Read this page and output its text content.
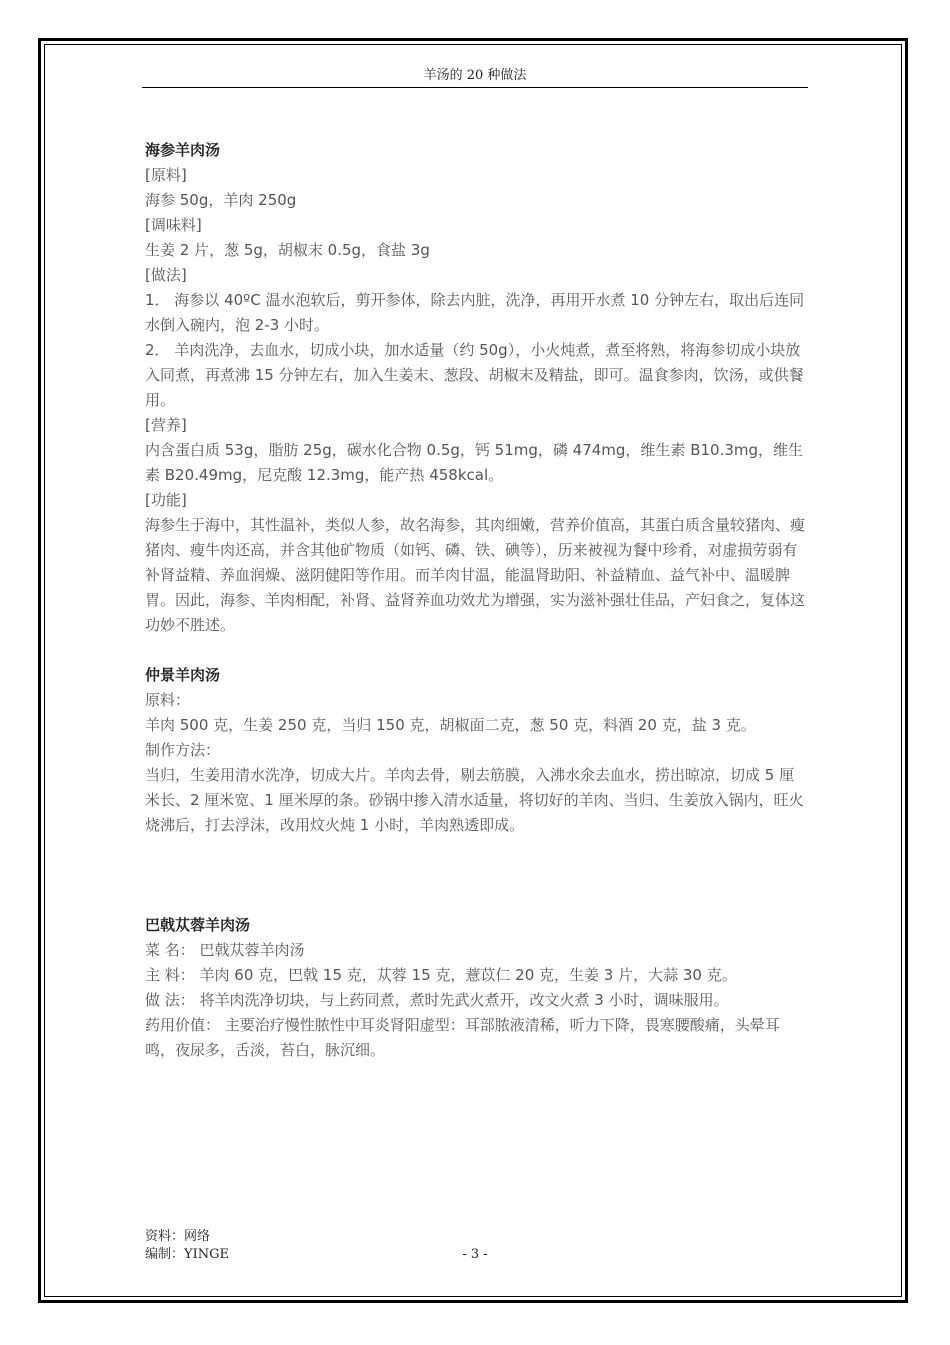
羊汤的 20 种做法

海参羊肉汤

[原料]

海参 50g，羊肉 250g

[调味料]

生姜 2 片，葱 5g，胡椒末 0.5g，食盐 3g

[做法]

1． 海参以 40ºC 温水泡软后，剪开参体，除去内脏，洗净，再用开水煮 10 分钟左右，取出后连同水倒入碗内，泡 2-3 小时。

2． 羊肉洗净，去血水，切成小块，加水适量（约 50g），小火炖煮，煮至将熟，将海参切成小块放入同煮，再煮沸 15 分钟左右，加入生姜末、葱段、胡椒末及精盐，即可。温食参肉，饮汤，或供餐用。

[营养]

内含蛋白质 53g，脂肪 25g，碳水化合物 0.5g，钙 51mg，磷 474mg，维生素 B10.3mg，维生素 B20.49mg，尼克酸 12.3mg，能产热 458kcal。

[功能]

海参生于海中，其性温补，类似人参，故名海参，其肉细嫩，营养价值高，其蛋白质含量较猪肉、瘦猪肉、瘦牛肉还高，并含其他矿物质（如钙、磷、铁、碘等），历来被视为餐中珍肴，对虚损劳弱有补肾益精、养血润燥、滋阴健阳等作用。而羊肉甘温，能温肾助阳、补益精血、益气补中、温暖脾胃。因此，海参、羊肉相配，补肾、益肾养血功效尤为增强，实为滋补强壮佳品，产妇食之，复体这功妙不胜述。

仲景羊肉汤

原料：

羊肉 500 克，生姜 250 克，当归 150 克，胡椒面二克，葱 50 克，料酒 20 克，盐 3 克。

制作方法：

当归，生姜用清水洗净，切成大片。羊肉去骨，剔去筋膜，入沸水氽去血水，捞出晾凉，切成 5 厘米长、2 厘米宽、1 厘米厚的条。砂锅中掺入清水适量，将切好的羊肉、当归、生姜放入锅内，旺火烧沸后，打去浮沫，改用炆火炖 1 小时，羊肉熟透即成。

巴戟苁蓉羊肉汤

菜 名： 巴戟苁蓉羊肉汤

主 料： 羊肉 60 克，巴戟 15 克，苁蓉 15 克，薏苡仁 20 克，生姜 3 片，大蒜 30 克。

做 法： 将羊肉洗净切块，与上药同煮，煮时先武火煮开，改文火煮 3 小时，调味服用。

药用价值： 主要治疗慢性脓性中耳炎肾阳虚型：耳部脓液清稀，听力下降，畏寒腰酸痛，头晕耳鸣，夜尿多，舌淡，苔白，脉沉细。

资料：网络
编制：YINGE	- 3 -
